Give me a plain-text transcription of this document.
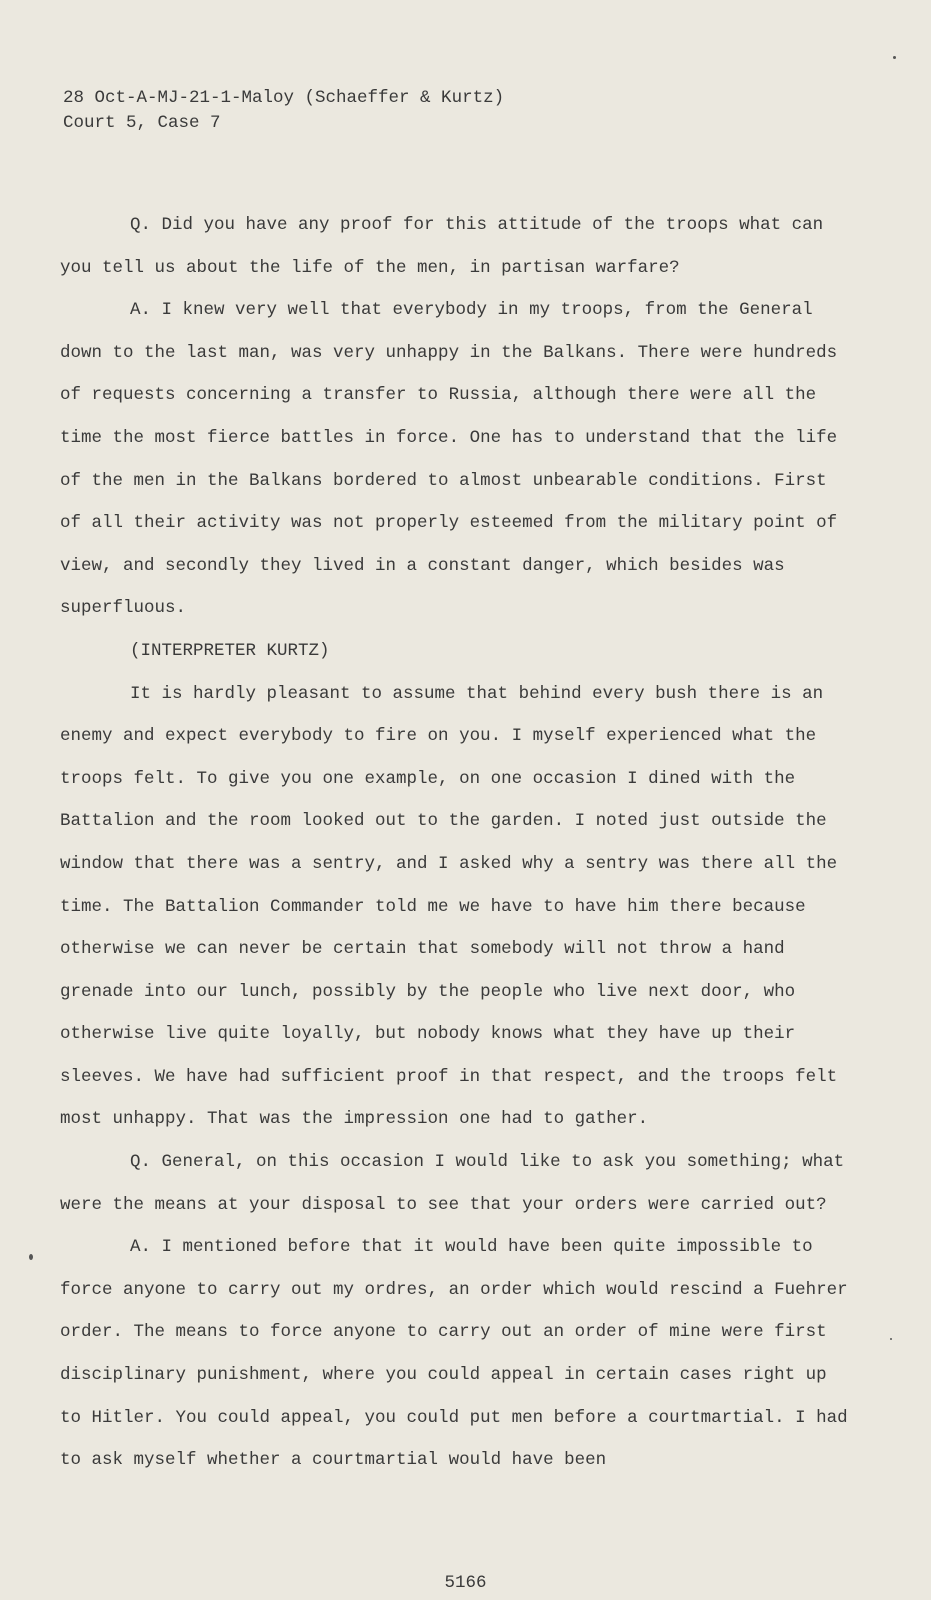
28 Oct-A-MJ-21-1-Maloy (Schaeffer & Kurtz)
Court 5, Case 7

Q. Did you have any proof for this attitude of the troops what can you tell us about the life of the men, in partisan warfare?

A. I knew very well that everybody in my troops, from the General down to the last man, was very unhappy in the Balkans. There were hundreds of requests concerning a transfer to Russia, although there were all the time the most fierce battles in force. One has to understand that the life of the men in the Balkans bordered to almost unbearable conditions. First of all their activity was not properly esteemed from the military point of view, and secondly they lived in a constant danger, which besides was superfluous.

(INTERPRETER KURTZ)

It is hardly pleasant to assume that behind every bush there is an enemy and expect everybody to fire on you. I myself experienced what the troops felt. To give you one example, on one occasion I dined with the Battalion and the room looked out to the garden. I noted just outside the window that there was a sentry, and I asked why a sentry was there all the time. The Battalion Commander told me we have to have him there because otherwise we can never be certain that somebody will not throw a hand grenade into our lunch, possibly by the people who live next door, who otherwise live quite loyally, but nobody knows what they have up their sleeves. We have had sufficient proof in that respect, and the troops felt most unhappy. That was the impression one had to gather.

Q. General, on this occasion I would like to ask you something; what were the means at your disposal to see that your orders were carried out?

A. I mentioned before that it would have been quite impossible to force anyone to carry out my ordres, an order which would rescind a Fuehrer order. The means to force anyone to carry out an order of mine were first disciplinary punishment, where you could appeal in certain cases right up to Hitler. You could appeal, you could put men before a courtmartial. I had to ask myself whether a courtmartial would have been

5166
